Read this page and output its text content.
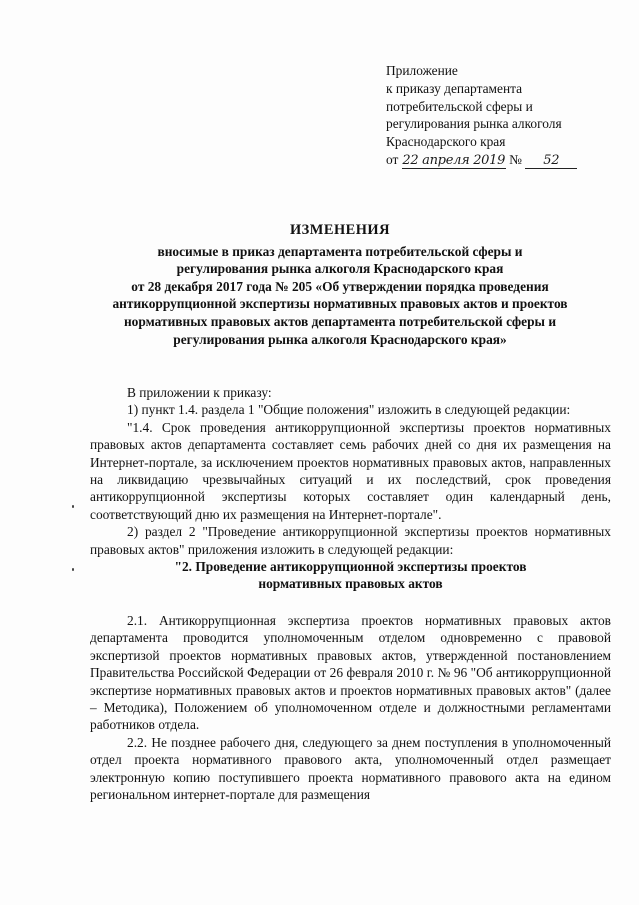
Приложение
к приказу департамента
потребительской сферы и
регулирования рынка алкоголя
Краснодарского края
от 22 апреля 2019 № 52
ИЗМЕНЕНИЯ
вносимые в приказ департамента потребительской сферы и
регулирования рынка алкоголя Краснодарского края
от 28 декабря 2017 года № 205 «Об утверждении порядка проведения
антикоррупционной экспертизы нормативных правовых актов и проектов
нормативных правовых актов департамента потребительской сферы и
регулирования рынка алкоголя Краснодарского края»

В приложении к приказу:

1) пункт 1.4. раздела 1 "Общие положения" изложить в следующей редакции:

"1.4. Срок проведения антикоррупционной экспертизы проектов нормативных правовых актов департамента составляет семь рабочих дней со дня их размещения на Интернет-портале, за исключением проектов нормативных правовых актов, направленных на ликвидацию чрезвычайных ситуаций и их последствий, срок проведения антикоррупционной экспертизы которых составляет один календарный день, соответствующий дню их размещения на Интернет-портале".

2) раздел 2 "Проведение антикоррупционной экспертизы проектов нормативных правовых актов" приложения изложить в следующей редакции:

"2. Проведение антикоррупционной экспертизы проектов

нормативных правовых актов

2.1. Антикоррупционная экспертиза проектов нормативных правовых актов департамента проводится уполномоченным отделом одновременно с правовой экспертизой проектов нормативных правовых актов, утвержденной постановлением Правительства Российской Федерации от 26 февраля 2010 г. № 96 "Об антикоррупционной экспертизе нормативных правовых актов и проектов нормативных правовых актов" (далее – Методика), Положением об уполномоченном отделе и должностными регламентами работников отдела.

2.2. Не позднее рабочего дня, следующего за днем поступления в уполномоченный отдел проекта нормативного правового акта, уполномоченный отдел размещает электронную копию поступившего проекта нормативного правового акта на едином региональном интернет-портале для размещения
